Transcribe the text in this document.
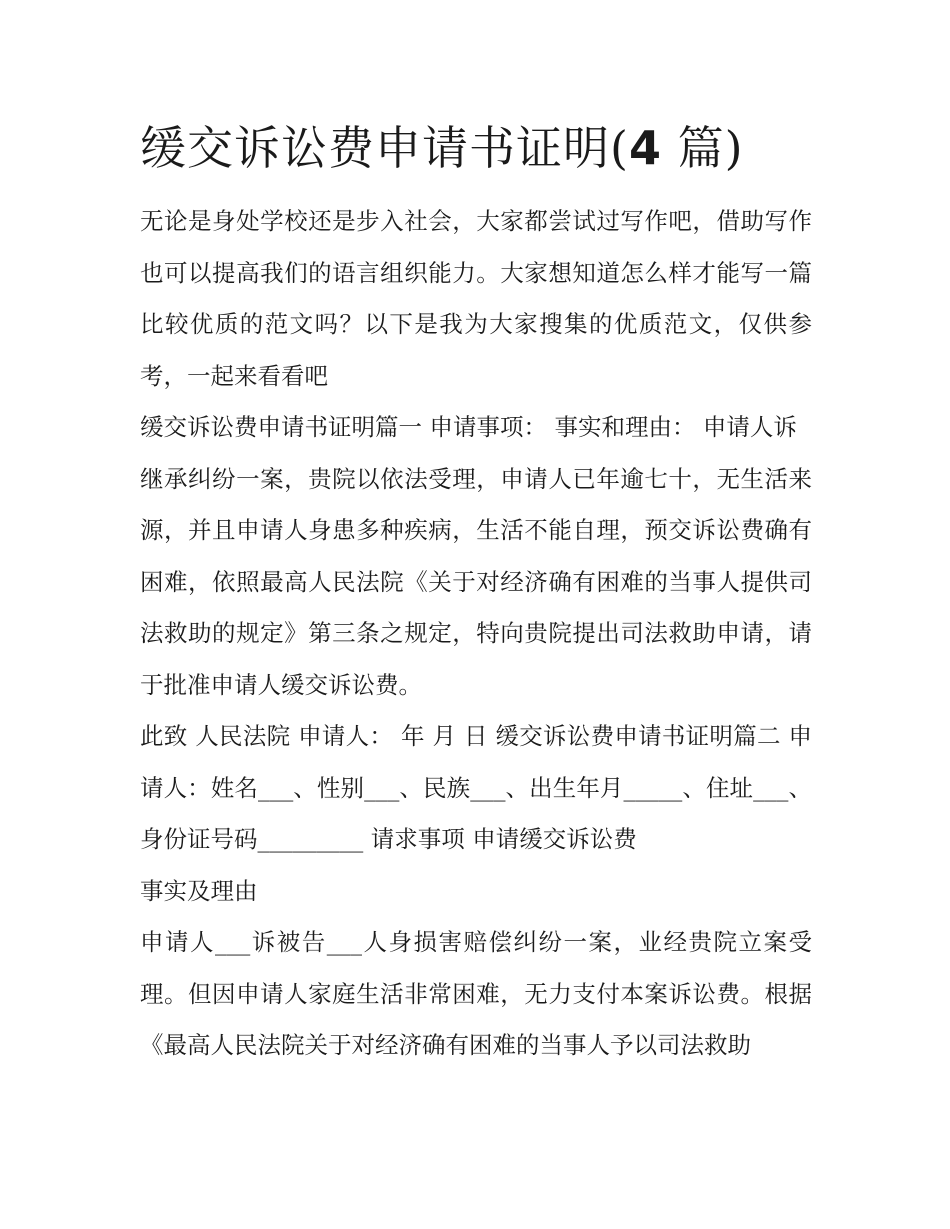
缓交诉讼费申请书证明(4 篇)

无论是身处学校还是步入社会，大家都尝试过写作吧，借助写作也可以提高我们的语言组织能力。大家想知道怎么样才能写一篇比较优质的范文吗？以下是我为大家搜集的优质范文，仅供参考，一起来看看吧

缓交诉讼费申请书证明篇一 申请事项： 事实和理由： 申请人诉

继承纠纷一案，贵院以依法受理，申请人已年逾七十，无生活来源，并且申请人身患多种疾病，生活不能自理，预交诉讼费确有困难，依照最高人民法院《关于对经济确有困难的当事人提供司法救助的规定》第三条之规定，特向贵院提出司法救助申请，请于批准申请人缓交诉讼费。

此致 人民法院 申请人： 年 月 日 缓交诉讼费申请书证明篇二 申请人：姓名___、性别___、民族___、出生年月_____、住址___、身份证号码_________ 请求事项 申请缓交诉讼费

事实及理由

申请人___诉被告___人身损害赔偿纠纷一案，业经贵院立案受理。但因申请人家庭生活非常困难，无力支付本案诉讼费。根据《最高人民法院关于对经济确有困难的当事人予以司法救助
